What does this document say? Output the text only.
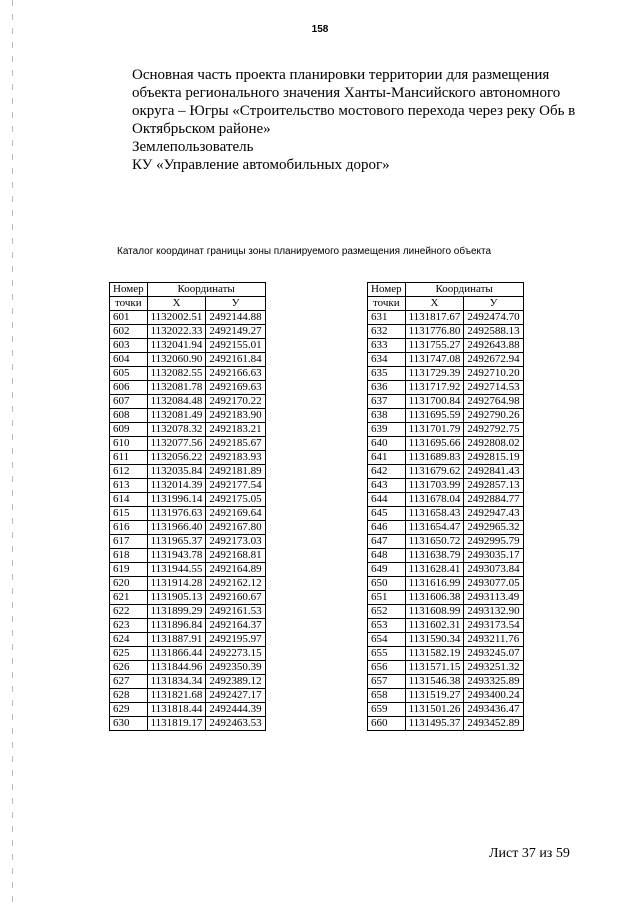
158
Основная часть проекта планировки территории для размещения
объекта регионального значения Ханты-Мансийского автономного
округа – Югры «Строительство мостового перехода через реку Обь в
Октябрьском районе»
Землепользователь
КУ «Управление автомобильных дорог»
Каталог координат границы зоны планируемого размещения линейного объекта
Номер	Координаты	
точки	X	У
601	1132002.51	2492144.88
602	1132022.33	2492149.27
603	1132041.94	2492155.01
604	1132060.90	2492161.84
605	1132082.55	2492166.63
606	1132081.78	2492169.63
607	1132084.48	2492170.22
608	1132081.49	2492183.90
609	1132078.32	2492183.21
610	1132077.56	2492185.67
611	1132056.22	2492183.93
612	1132035.84	2492181.89
613	1132014.39	2492177.54
614	1131996.14	2492175.05
615	1131976.63	2492169.64
616	1131966.40	2492167.80
617	1131965.37	2492173.03
618	1131943.78	2492168.81
619	1131944.55	2492164.89
620	1131914.28	2492162.12
621	1131905.13	2492160.67
622	1131899.29	2492161.53
623	1131896.84	2492164.37
624	1131887.91	2492195.97
625	1131866.44	2492273.15
626	1131844.96	2492350.39
627	1131834.34	2492389.12
628	1131821.68	2492427.17
629	1131818.44	2492444.39
630	1131819.17	2492463.53
Номер	Координаты	
точки	X	У
631	1131817.67	2492474.70
632	1131776.80	2492588.13
633	1131755.27	2492643.88
634	1131747.08	2492672.94
635	1131729.39	2492710.20
636	1131717.92	2492714.53
637	1131700.84	2492764.98
638	1131695.59	2492790.26
639	1131701.79	2492792.75
640	1131695.66	2492808.02
641	1131689.83	2492815.19
642	1131679.62	2492841.43
643	1131703.99	2492857.13
644	1131678.04	2492884.77
645	1131658.43	2492947.43
646	1131654.47	2492965.32
647	1131650.72	2492995.79
648	1131638.79	2493035.17
649	1131628.41	2493073.84
650	1131616.99	2493077.05
651	1131606.38	2493113.49
652	1131608.99	2493132.90
653	1131602.31	2493173.54
654	1131590.34	2493211.76
655	1131582.19	2493245.07
656	1131571.15	2493251.32
657	1131546.38	2493325.89
658	1131519.27	2493400.24
659	1131501.26	2493436.47
660	1131495.37	2493452.89
Лист 37 из 59
